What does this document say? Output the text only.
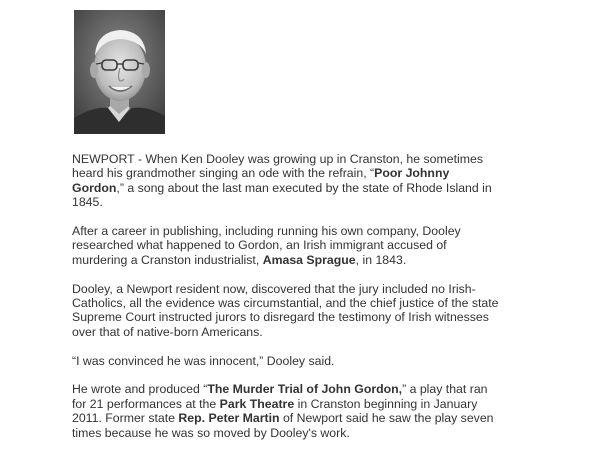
NEWPORT - When Ken Dooley was growing up in Cranston, he sometimes heard his grandmother singing an ode with the refrain, “Poor Johnny Gordon,” a song about the last man executed by the state of Rhode Island in 1845.

After a career in publishing, including running his own company, Dooley researched what happened to Gordon, an Irish immigrant accused of murdering a Cranston industrialist, Amasa Sprague, in 1843.

Dooley, a Newport resident now, discovered that the jury included no Irish-Catholics, all the evidence was circumstantial, and the chief justice of the state Supreme Court instructed jurors to disregard the testimony of Irish witnesses over that of native-born Americans.

“I was convinced he was innocent,” Dooley said.

He wrote and produced “The Murder Trial of John Gordon,” a play that ran for 21 performances at the Park Theatre in Cranston beginning in January 2011. Former state Rep. Peter Martin of Newport said he saw the play seven times because he was so moved by Dooley's work.
